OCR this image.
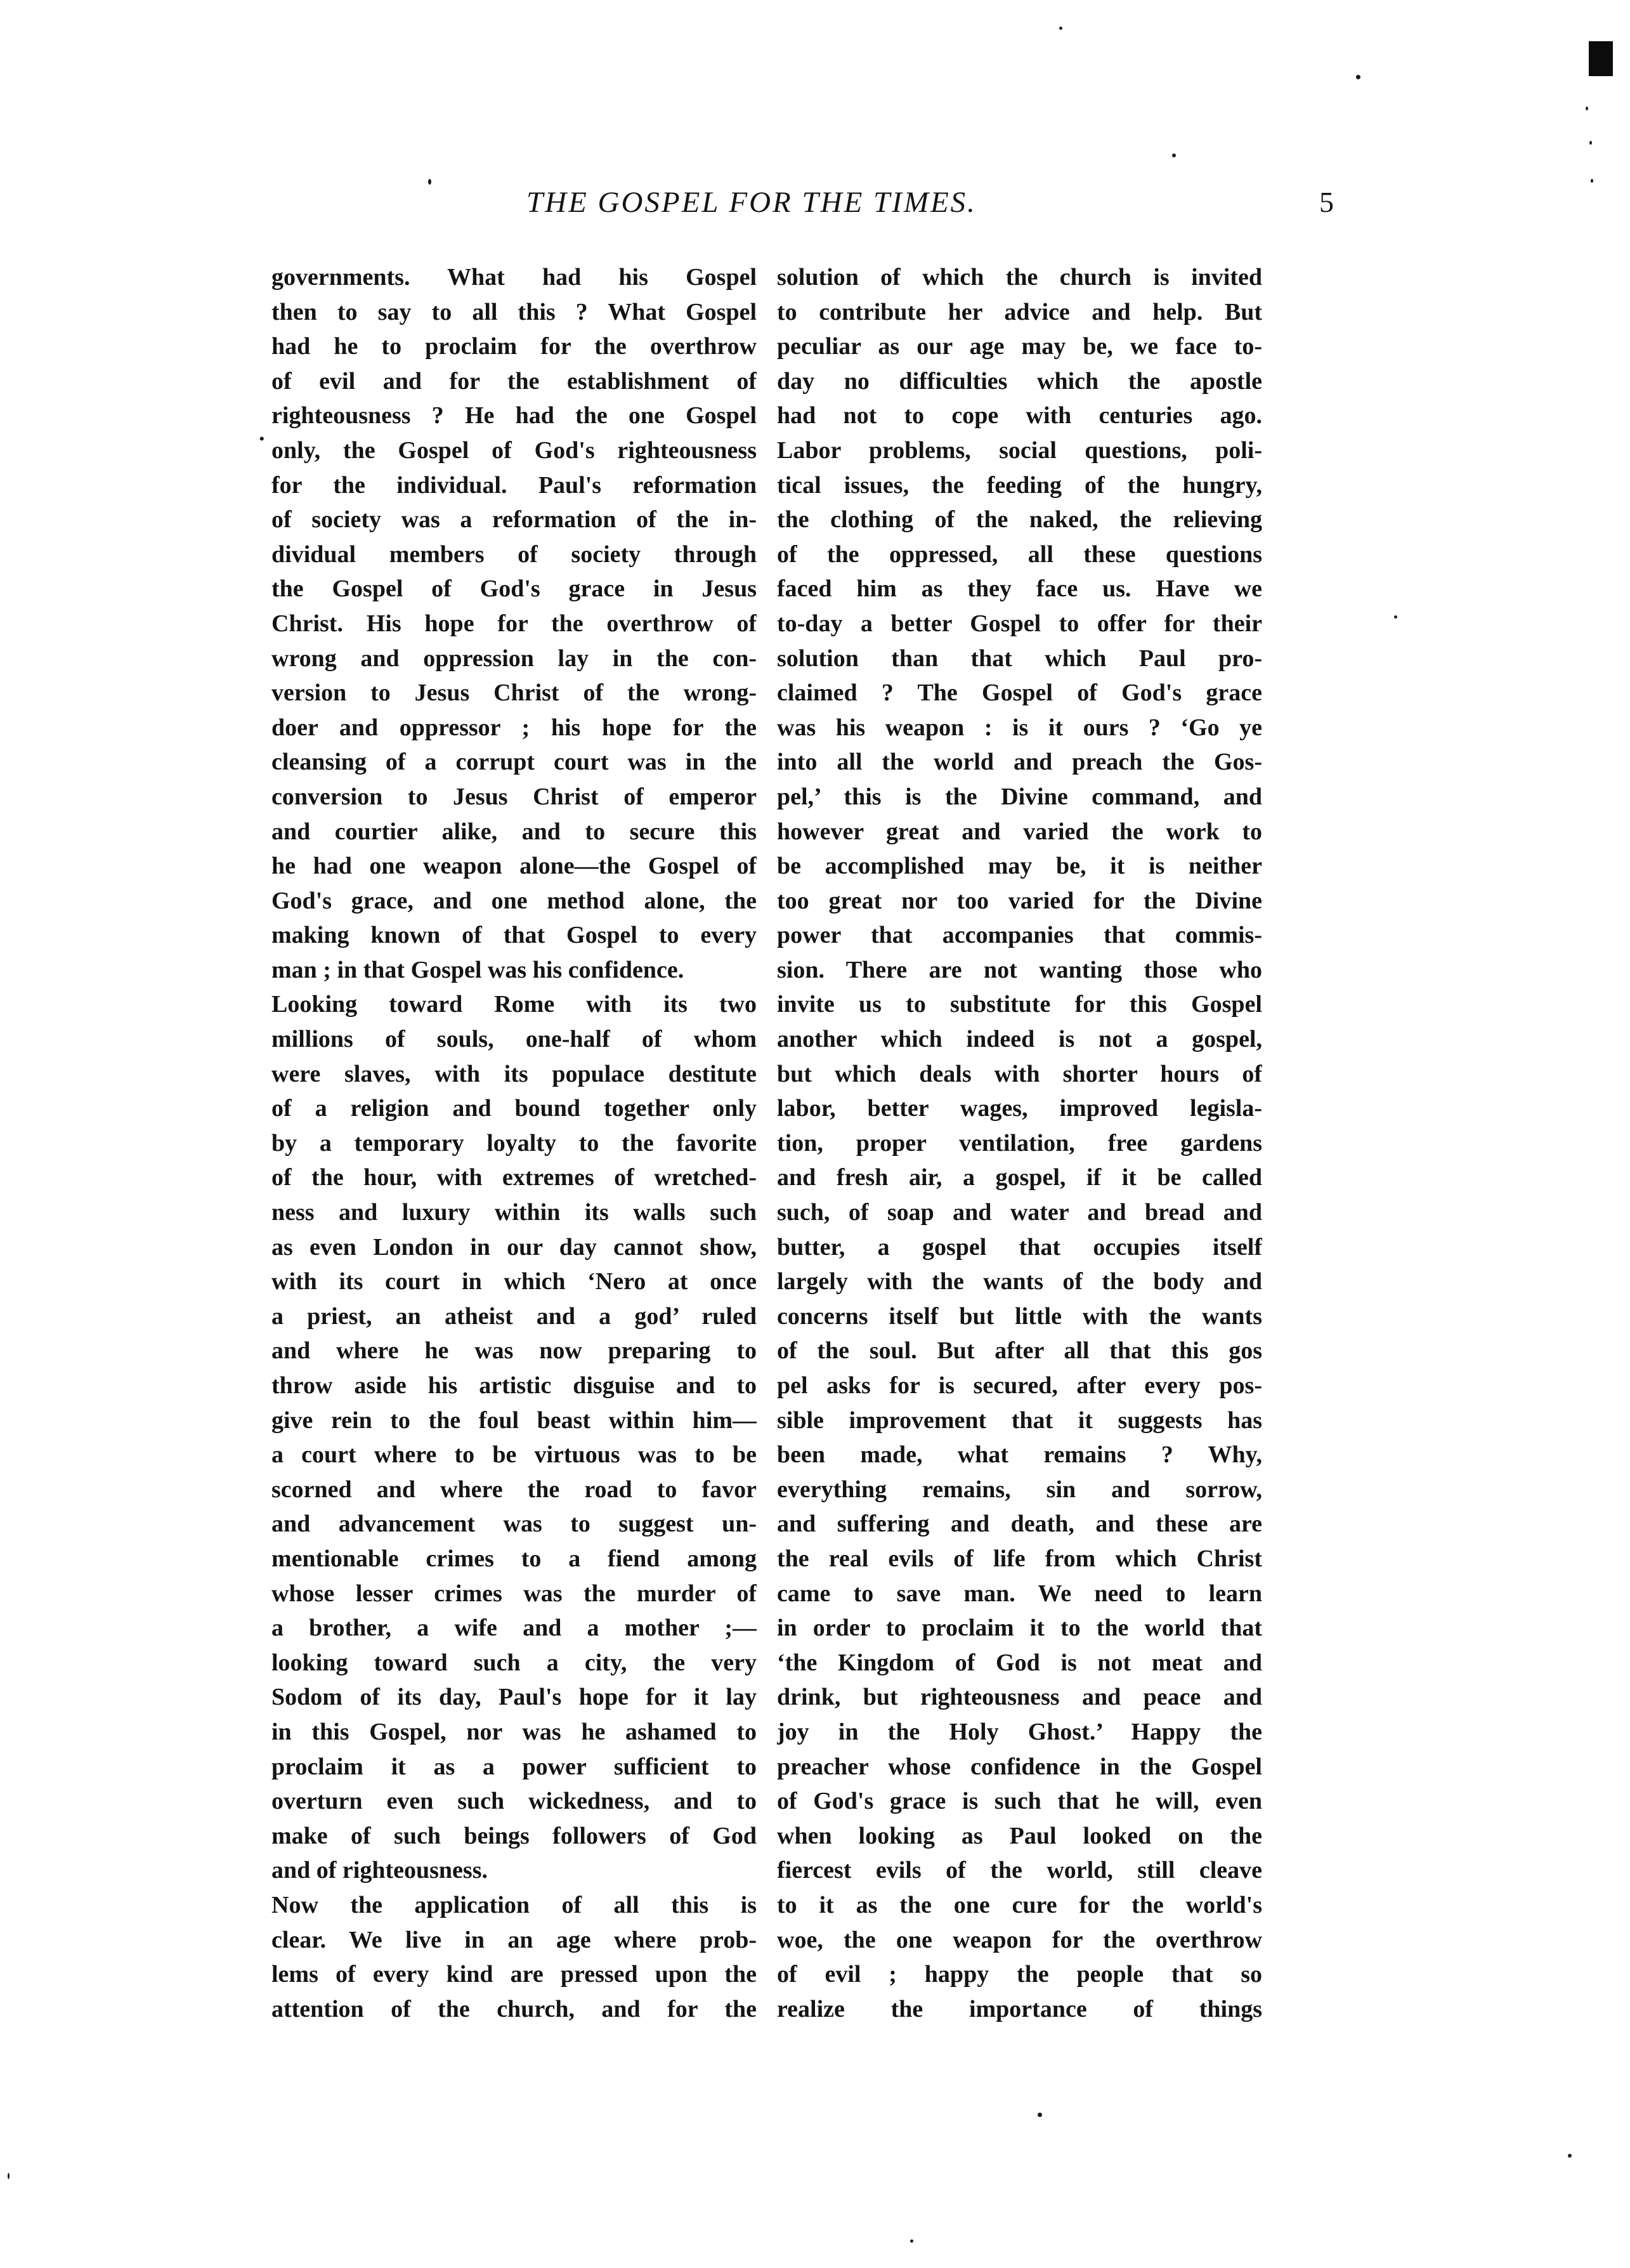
THE GOSPEL FOR THE TIMES.	5
.
governments. What had his Gospel
then to say to all this ? What Gospel
had he to proclaim for the overthrow
of evil and for the establishment of
righteousness ? He had the one Gospel
only, the Gospel of God's righteousness
for the individual. Paul's reformation
of society was a reformation of the in-
dividual members of society through
the Gospel of God's grace in Jesus
Christ. His hope for the overthrow of
wrong and oppression lay in the con-
version to Jesus Christ of the wrong-
doer and oppressor ; his hope for the
cleansing of a corrupt court was in the
conversion to Jesus Christ of emperor
and courtier alike, and to secure this
he had one weapon alone—the Gospel of
God's grace, and one method alone, the
making known of that Gospel to every
man ; in that Gospel was his confidence.
Looking toward Rome with its two
millions of souls, one-half of whom
were slaves, with its populace destitute
of a religion and bound together only
by a temporary loyalty to the favorite
of the hour, with extremes of wretched-
ness and luxury within its walls such
as even London in our day cannot show,
with its court in which ‘Nero at once
a priest, an atheist and a god’ ruled
and where he was now preparing to
throw aside his artistic disguise and to
give rein to the foul beast within him—
a court where to be virtuous was to be
scorned and where the road to favor
and advancement was to suggest un-
mentionable crimes to a fiend among
whose lesser crimes was the murder of
a brother, a wife and a mother ;—
looking toward such a city, the very
Sodom of its day, Paul's hope for it lay
in this Gospel, nor was he ashamed to
proclaim it as a power sufficient to
overturn even such wickedness, and to
make of such beings followers of God
and of righteousness.
Now the application of all this is
clear. We live in an age where prob-
lems of every kind are pressed upon the
attention of the church, and for the
solution of which the church is invited
to contribute her advice and help. But
peculiar as our age may be, we face to-
day no difficulties which the apostle
had not to cope with centuries ago.
Labor problems, social questions, poli-
tical issues, the feeding of the hungry,
the clothing of the naked, the relieving
of the oppressed, all these questions
faced him as they face us. Have we
to-day a better Gospel to offer for their
solution than that which Paul pro-
claimed ? The Gospel of God's grace
was his weapon : is it ours ? ‘Go ye
into all the world and preach the Gos-
pel,’ this is the Divine command, and
however great and varied the work to
be accomplished may be, it is neither
too great nor too varied for the Divine
power that accompanies that commis-
sion. There are not wanting those who
invite us to substitute for this Gospel
another which indeed is not a gospel,
but which deals with shorter hours of
labor, better wages, improved legisla-
tion, proper ventilation, free gardens
and fresh air, a gospel, if it be called
such, of soap and water and bread and
butter, a gospel that occupies itself
largely with the wants of the body and
concerns itself but little with the wants
of the soul. But after all that this gos
pel asks for is secured, after every pos-
sible improvement that it suggests has
been made, what remains ? Why,
everything remains, sin and sorrow,
and suffering and death, and these are
the real evils of life from which Christ
came to save man. We need to learn
in order to proclaim it to the world that
‘the Kingdom of God is not meat and
drink, but righteousness and peace and
joy in the Holy Ghost.’ Happy the
preacher whose confidence in the Gospel
of God's grace is such that he will, even
when looking as Paul looked on the
fiercest evils of the world, still cleave
to it as the one cure for the world's
woe, the one weapon for the overthrow
of evil ; happy the people that so
realize the importance of things
